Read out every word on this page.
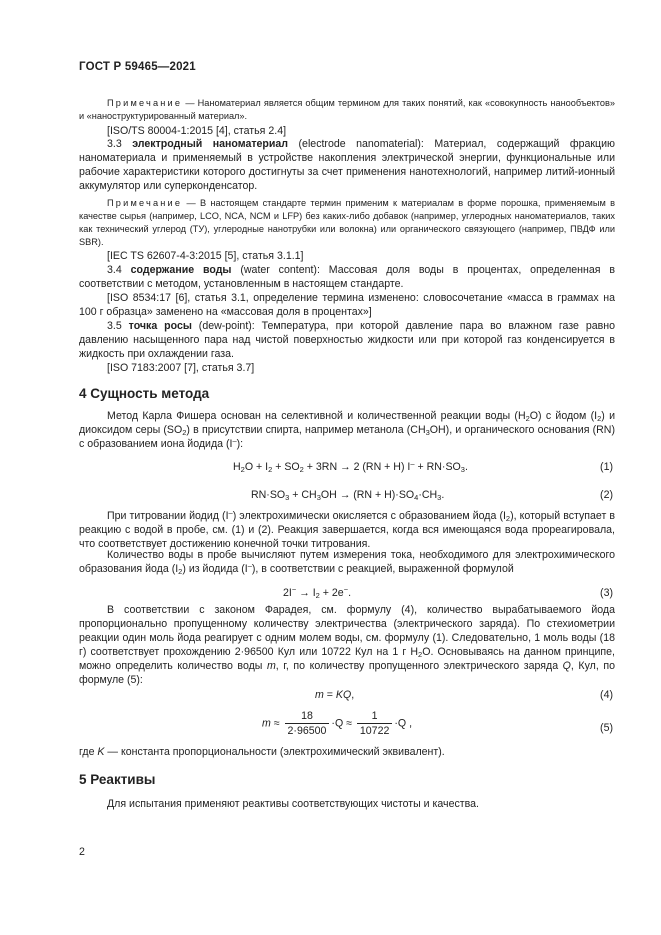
ГОСТ Р 59465—2021

Примечание — Наноматериал является общим термином для таких понятий, как «совокупность нанообъектов» и «наноструктурированный материал».

[ISO/TS 80004-1:2015 [4], статья 2.4]

3.3 электродный наноматериал (electrode nanomaterial): Материал, содержащий фракцию наноматериала и применяемый в устройстве накопления электрической энергии, функциональные или рабочие характеристики которого достигнуты за счет применения нанотехнологий, например литий-ионный аккумулятор или суперконденсатор.

Примечание — В настоящем стандарте термин применим к материалам в форме порошка, применяемым в качестве сырья (например, LCO, NCA, NCM и LFP) без каких-либо добавок (например, углеродных наноматериалов, таких как технический углерод (ТУ), углеродные нанотрубки или волокна) или органического связующего (например, ПВДФ или SBR).

[IEC TS 62607-4-3:2015 [5], статья 3.1.1]

3.4 содержание воды (water content): Массовая доля воды в процентах, определенная в соответствии с методом, установленным в настоящем стандарте.

[ISO 8534:17 [6], статья 3.1, определение термина изменено: словосочетание «масса в граммах на 100 г образца» заменено на «массовая доля в процентах»]

3.5 точка росы (dew-point): Температура, при которой давление пара во влажном газе равно давлению насыщенного пара над чистой поверхностью жидкости или при которой газ конденсируется в жидкость при охлаждении газа.

[ISO 7183:2007 [7], статья 3.7]

4 Сущность метода

Метод Карла Фишера основан на селективной и количественной реакции воды $(H_2O)$ с йодом $(I_2)$ и диоксидом серы $(SO_2)$ в присутствии спирта, например метанола $(CH_3OH)$, и органического основания (RN) с образованием иона йодида (I–):

$H_2O + I_2 + SO_2 + 3RN \to 2$ (RN + H) $I^- + RN\cdot SO_3$.	(1)
$RN\cdot SO_3 + CH_3OH \to (RN + H)\cdot SO_4\cdot CH_3$.	(2)

При титровании йодид (I–) электрохимически окисляется с образованием йода $(I_2)$, который вступает в реакцию с водой в пробе, см. (1) и (2). Реакция завершается, когда вся имеющаяся вода прореагировала, что соответствует достижению конечной точки титрования.

Количество воды в пробе вычисляют путем измерения тока, необходимого для электрохимического образования йода $(I_2)$ из йодида (I–), в соответствии с реакцией, выраженной формулой

$2I^- \to I_2 + 2e^-$.	(3)

В соответствии с законом Фарадея, см. формулу (4), количество вырабатываемого йода пропорционально пропущенному количеству электричества (электрического заряда). По стехиометрии реакции один моль йода реагирует с одним молем воды, см. формулу (1). Следовательно, 1 моль воды (18 г) соответствует прохождению 2·96500 Кул или 10722 Кул на 1 г $H_2O$. Основываясь на данном принципе, можно определить количество воды m, г, по количеству пропущенного электрического заряда Q, Кул, по формуле (5):

m = KQ,	(4)
$m \approx \frac{18}{2\cdot 96500} \cdot Q \approx \frac{1}{10722} \cdot Q$ ,	(5)

где K — константа пропорциональности (электрохимический эквивалент).

5 Реактивы

Для испытания применяют реактивы соответствующих чистоты и качества.

2
